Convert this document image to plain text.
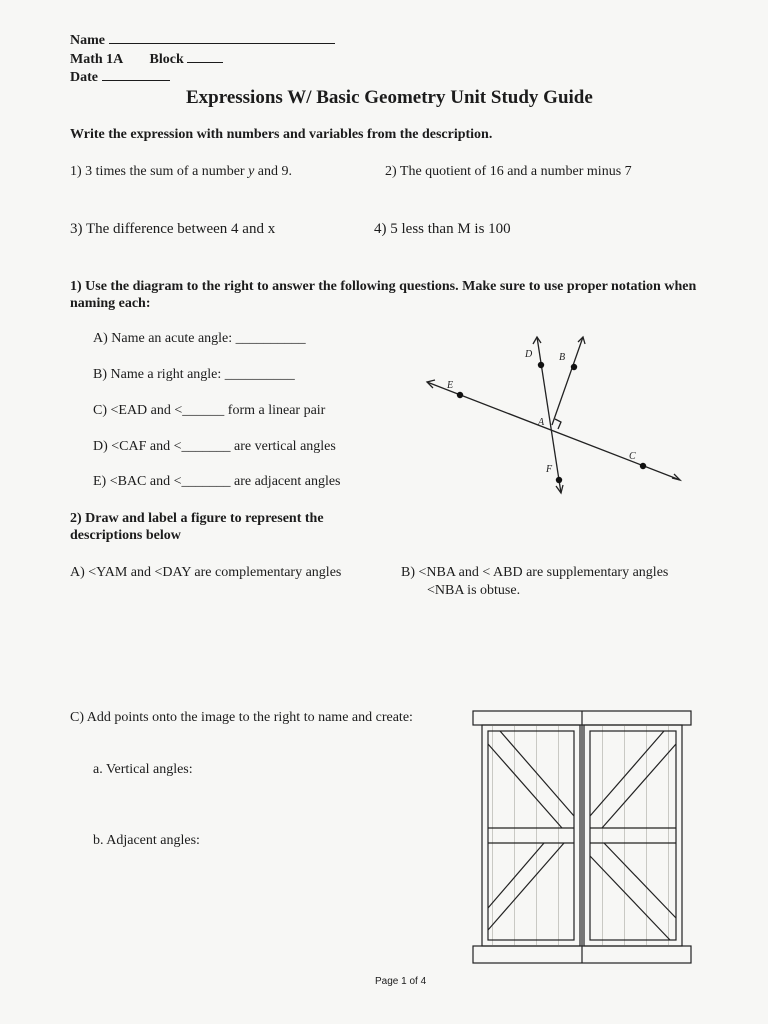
Name
Math 1A Block
Date
Expressions W/ Basic Geometry Unit Study Guide
Write the expression with numbers and variables from the description.
1) 3 times the sum of a number y and 9.	2) The quotient of 16 and a number minus 7
3) The difference between 4 and x	4) 5 less than M is 100
1) Use the diagram to the right to answer the following questions. Make sure to use proper notation when naming each:
A) Name an acute angle: __________
B) Name a right angle: __________
C) <EAD and <______ form a linear pair
D) <CAF and <_______ are vertical angles
E) <BAC and <_______ are adjacent angles
D	B
E
A
C
F
2) Draw and label a figure to represent the descriptions below
A) <YAM and <DAY are complementary angles	B) <NBA and < ABD are supplementary angles
<NBA is obtuse.
C) Add points onto the image to the right to name and create:
a. Vertical angles:
b. Adjacent angles:
Page 1 of 4
